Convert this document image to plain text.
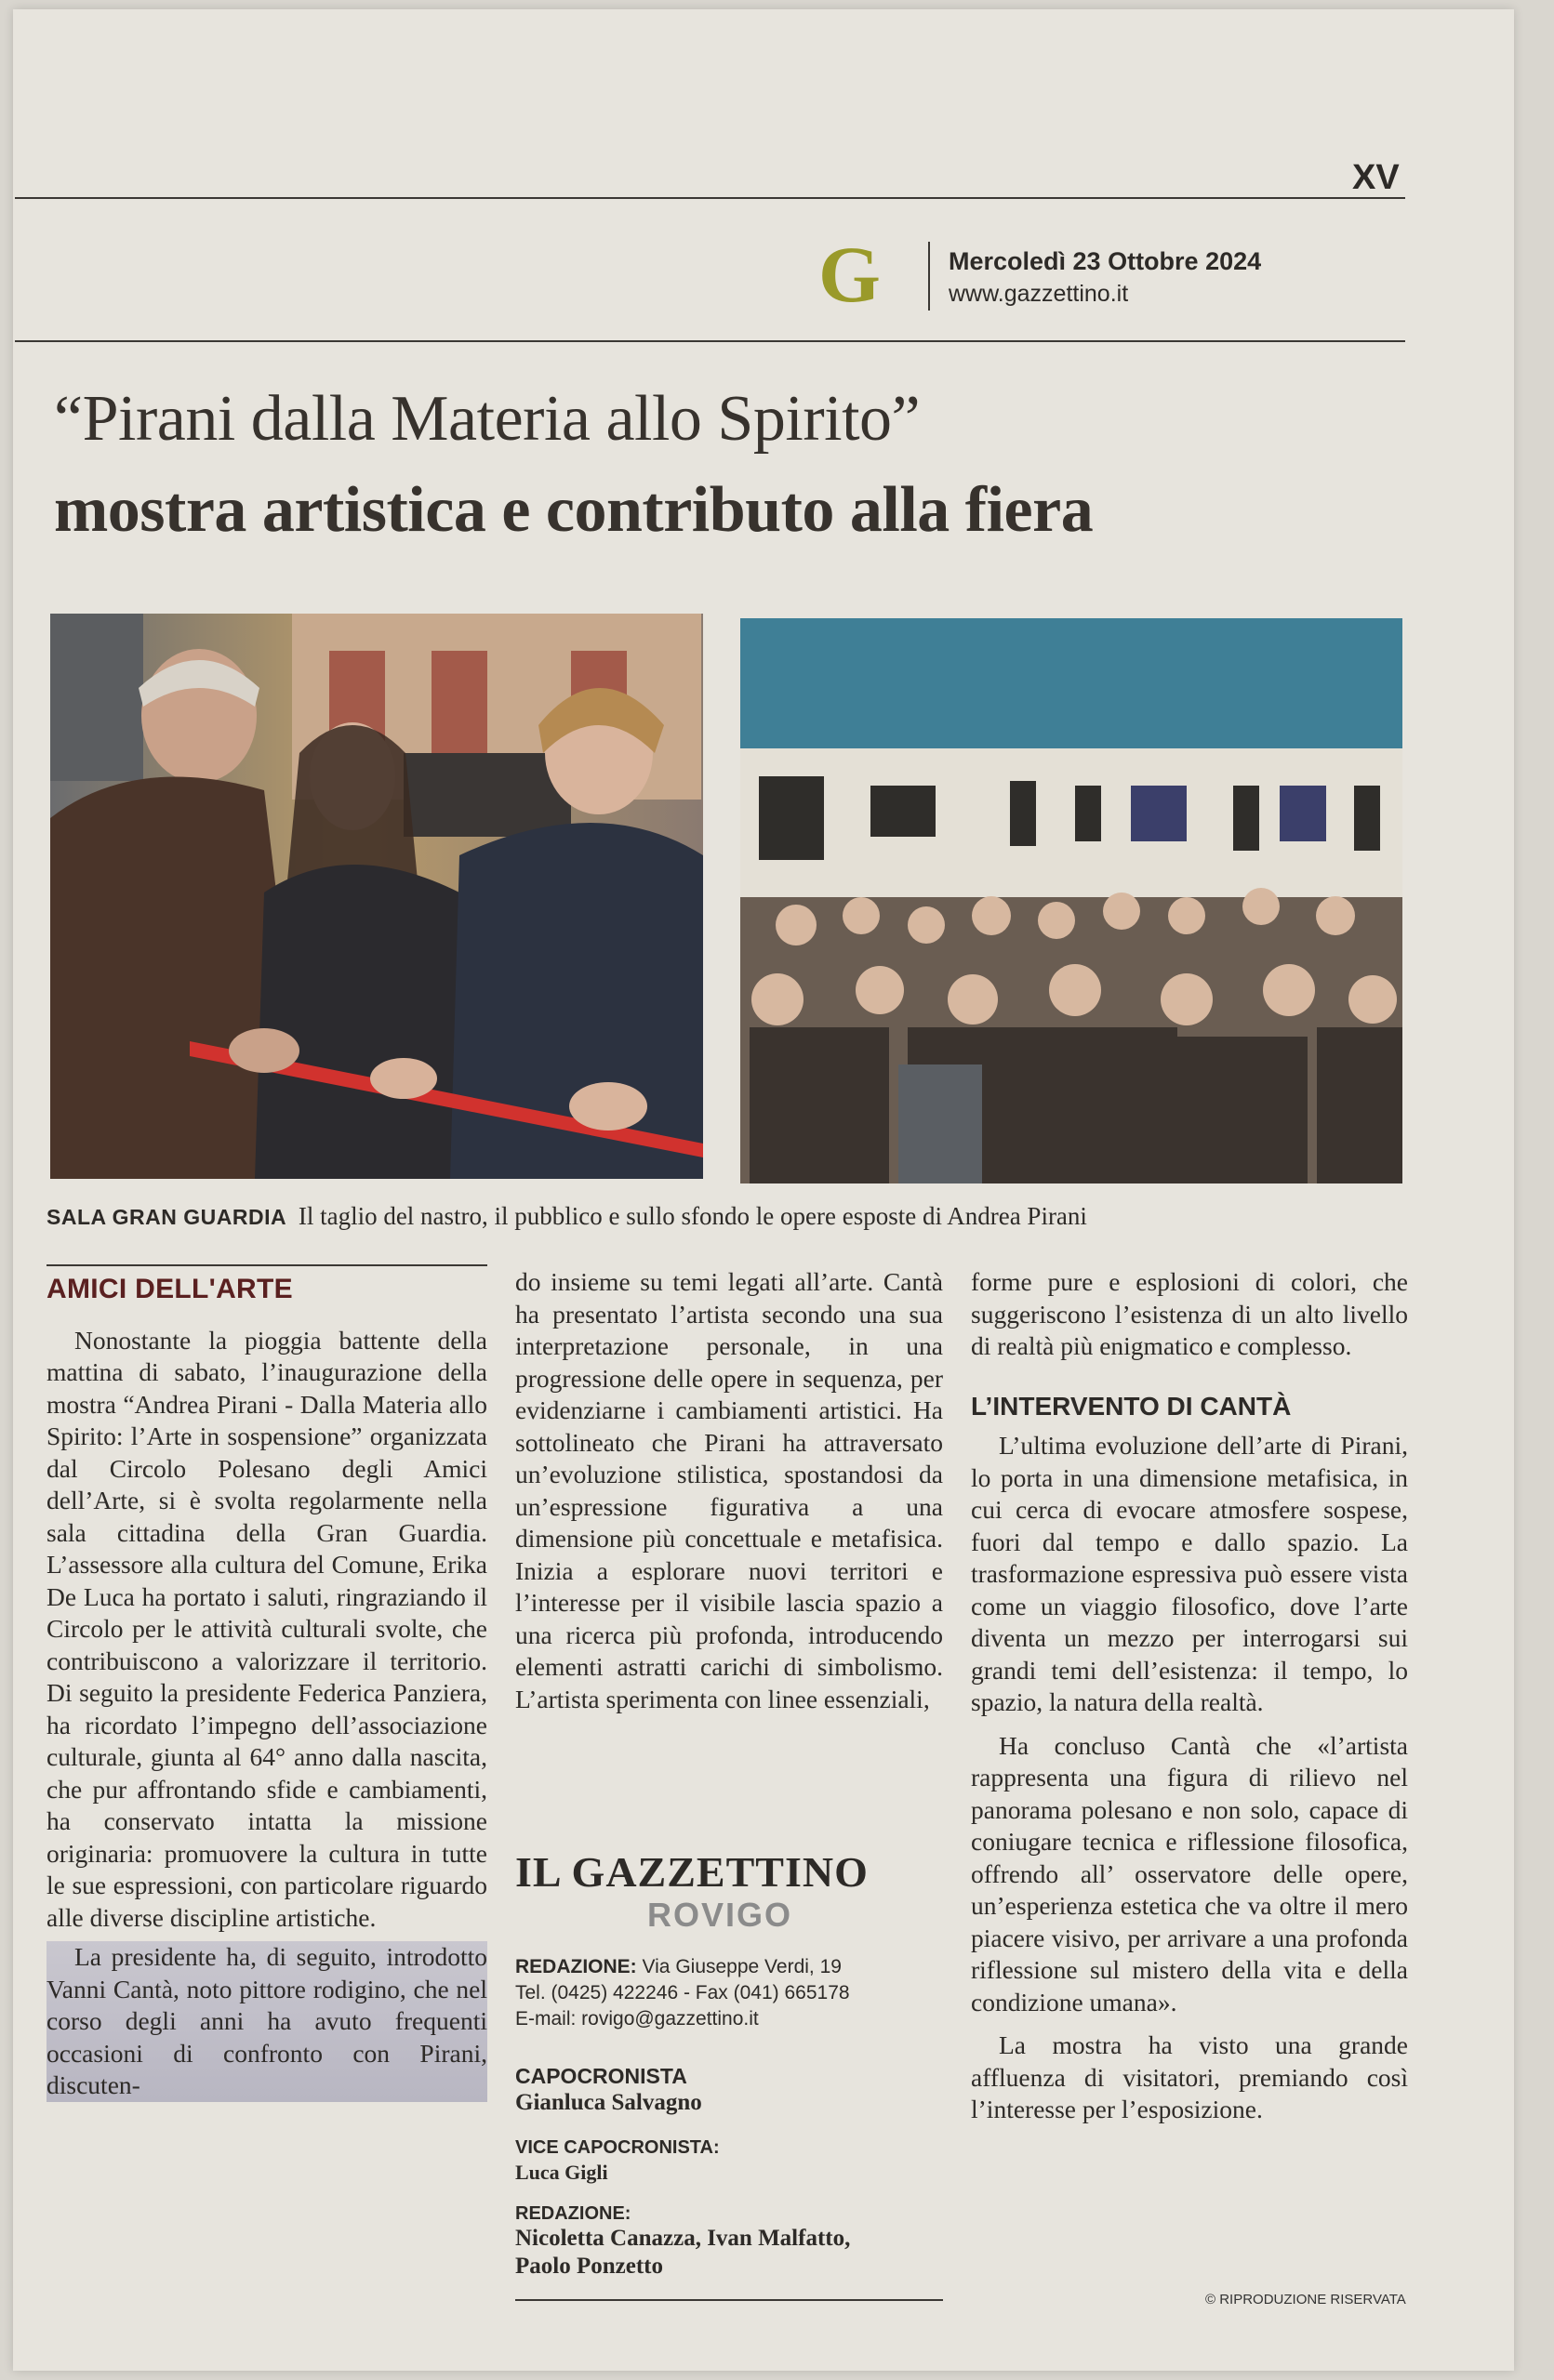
XV
G	Mercoledì 23 Ottobre 2024
www.gazzettino.it
“Pirani dalla Materia allo Spirito”
mostra artistica e contributo alla fiera
SALA GRAN GUARDIA Il taglio del nastro, il pubblico e sullo sfondo le opere esposte di Andrea Pirani
AMICI DELL'ARTE

Nonostante la pioggia battente della mattina di sabato, l’inaugurazione della mostra “Andrea Pirani - Dalla Materia allo Spirito: l’Arte in sospensione” organizzata dal Circolo Polesano degli Amici dell’Arte, si è svolta regolarmente nella sala cittadina della Gran Guardia. L’assessore alla cultura del Comune, Erika De Luca ha portato i saluti, ringraziando il Circolo per le attività culturali svolte, che contribuiscono a valorizzare il territorio. Di seguito la presidente Federica Panziera, ha ricordato l’impegno dell’associazione culturale, giunta al 64° anno dalla nascita, che pur affrontando sfide e cambiamenti, ha conservato intatta la missione originaria: promuovere la cultura in tutte le sue espressioni, con particolare riguardo alle diverse discipline artistiche.

La presidente ha, di seguito, introdotto Vanni Cantà, noto pittore rodigino, che nel corso degli anni ha avuto frequenti occasioni di confronto con Pirani, discuten-

do insieme su temi legati all’arte. Cantà ha presentato l’artista secondo una sua interpretazione personale, in una progressione delle opere in sequenza, per evidenziarne i cambiamenti artistici. Ha sottolineato che Pirani ha attraversato un’evoluzione stilistica, spostandosi da un’espressione figurativa a una dimensione più concettuale e metafisica. Inizia a esplorare nuovi territori e l’interesse per il visibile lascia spazio a una ricerca più profonda, introducendo elementi astratti carichi di simbolismo. L’artista sperimenta con linee essenziali,

forme pure e esplosioni di colori, che suggeriscono l’esistenza di un alto livello di realtà più enigmatico e complesso.

L’INTERVENTO DI CANTÀ

L’ultima evoluzione dell’arte di Pirani, lo porta in una dimensione metafisica, in cui cerca di evocare atmosfere sospese, fuori dal tempo e dallo spazio. La trasformazione espressiva può essere vista come un viaggio filosofico, dove l’arte diventa un mezzo per interrogarsi sui grandi temi dell’esistenza: il tempo, lo spazio, la natura della realtà.

Ha concluso Cantà che «l’artista rappresenta una figura di rilievo nel panorama polesano e non solo, capace di coniugare tecnica e riflessione filosofica, offrendo all’ osservatore delle opere, un’esperienza estetica che va oltre il mero piacere visivo, per arrivare a una profonda riflessione sul mistero della vita e della condizione umana».

La mostra ha visto una grande affluenza di visitatori, premiando così l’interesse per l’esposizione.

IL GAZZETTINO
ROVIGO
REDAZIONE: Via Giuseppe Verdi, 19
Tel. (0425) 422246 - Fax (041) 665178
E-mail: rovigo@gazzettino.it
CAPOCRONISTA
Gianluca Salvagno
VICE CAPOCRONISTA:
Luca Gigli
REDAZIONE:
Nicoletta Canazza, Ivan Malfatto,
Paolo Ponzetto
© RIPRODUZIONE RISERVATA
